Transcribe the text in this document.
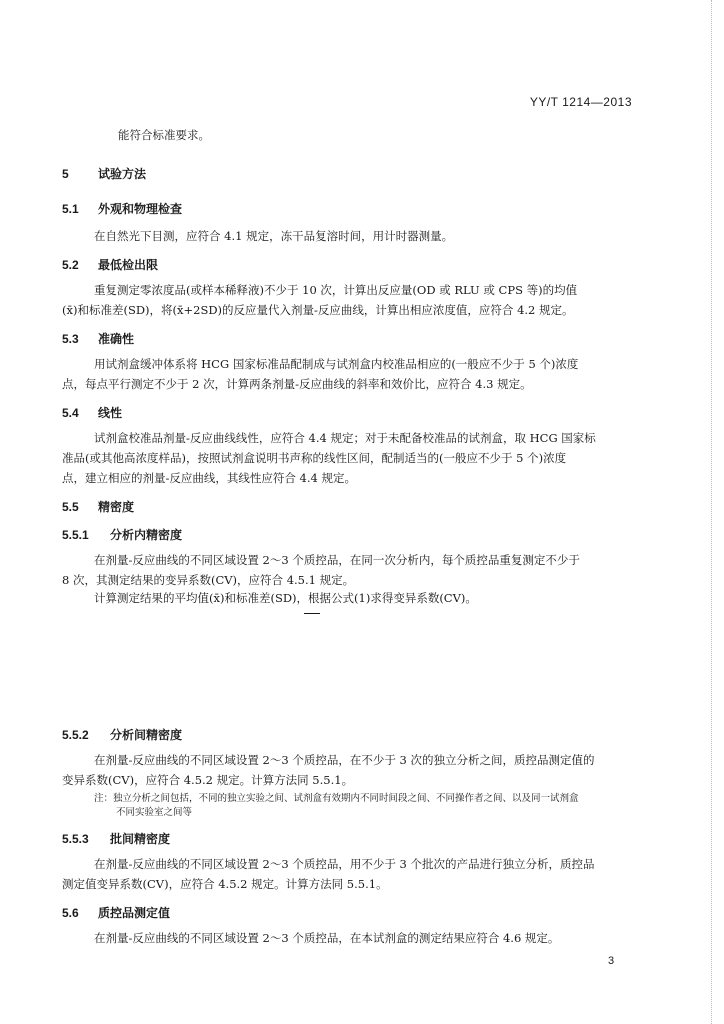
YY/T 1214—2013
能符合标准要求。
5 试验方法
5.1 外观和物理检查
在自然光下目测，应符合 4.1 规定，冻干品复溶时间，用计时器测量。
5.2 最低检出限
重复测定零浓度品(或样本稀释液)不少于 10 次，计算出反应量(OD 或 RLU 或 CPS 等)的均值
(x̄)和标准差(SD)，将(x̄+2SD)的反应量代入剂量-反应曲线，计算出相应浓度值，应符合 4.2 规定。
5.3 准确性
用试剂盒缓冲体系将 HCG 国家标准品配制成与试剂盒内校准品相应的(一般应不少于 5 个)浓度
点，每点平行测定不少于 2 次，计算两条剂量-反应曲线的斜率和效价比，应符合 4.3 规定。
5.4 线性
试剂盒校准品剂量-反应曲线线性，应符合 4.4 规定；对于未配备校准品的试剂盒，取 HCG 国家标
准品(或其他高浓度样品)，按照试剂盒说明书声称的线性区间，配制适当的(一般应不少于 5 个)浓度
点，建立相应的剂量-反应曲线，其线性应符合 4.4 规定。
5.5 精密度
5.5.1 分析内精密度
在剂量-反应曲线的不同区域设置 2～3 个质控品，在同一次分析内，每个质控品重复测定不少于
8 次，其测定结果的变异系数(CV)，应符合 4.5.1 规定。
计算测定结果的平均值(x̄)和标准差(SD)，根据公式(1)求得变异系数(CV)。
5.5.2 分析间精密度
在剂量-反应曲线的不同区域设置 2～3 个质控品，在不少于 3 次的独立分析之间，质控品测定值的
变异系数(CV)，应符合 4.5.2 规定。计算方法同 5.5.1。
注：独立分析之间包括，不同的独立实验之间、试剂盒有效期内不同时间段之间、不同操作者之间、以及同一试剂盒
不同实验室之间等
5.5.3 批间精密度
在剂量-反应曲线的不同区域设置 2～3 个质控品，用不少于 3 个批次的产品进行独立分析，质控品
测定值变异系数(CV)，应符合 4.5.2 规定。计算方法同 5.5.1。
5.6 质控品测定值
在剂量-反应曲线的不同区域设置 2～3 个质控品，在本试剂盒的测定结果应符合 4.6 规定。
3
